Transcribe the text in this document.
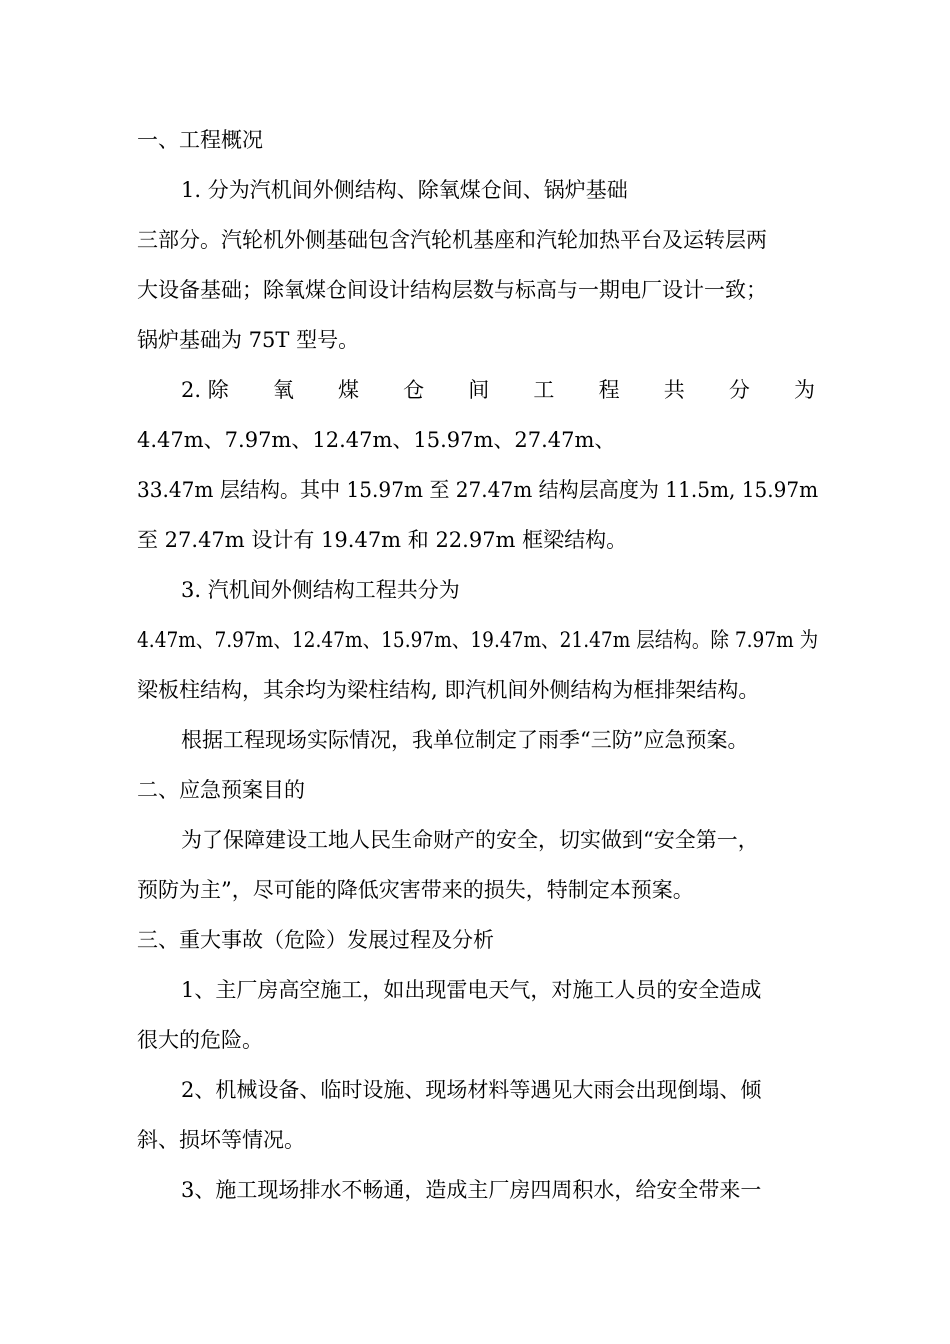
一、工程概况
1. 分为汽机间外侧结构、除氧煤仓间、锅炉基础
三部分。汽轮机外侧基础包含汽轮机基座和汽轮加热平台及运转层两
大设备基础；除氧煤仓间设计结构层数与标高与一期电厂设计一致；
锅炉基础为 75T 型号。
2. 除 氧 煤 仓 间 工 程 共 分 为
4.47m、7.97m、12.47m、15.97m、27.47m、
33.47m 层结构。其中 15.97m 至 27.47m 结构层高度为 11.5m, 15.97m
至 27.47m 设计有 19.47m 和 22.97m 框梁结构。
3. 汽机间外侧结构工程共分为
4.47m、7.97m、12.47m、15.97m、19.47m、21.47m 层结构。除 7.97m 为
梁板柱结构，其余均为梁柱结构, 即汽机间外侧结构为框排架结构。
根据工程现场实际情况，我单位制定了雨季“三防”应急预案。
二、应急预案目的
为了保障建设工地人民生命财产的安全，切实做到“安全第一，
预防为主”，尽可能的降低灾害带来的损失，特制定本预案。
三、重大事故（危险）发展过程及分析
1、主厂房高空施工，如出现雷电天气，对施工人员的安全造成
很大的危险。
2、机械设备、临时设施、现场材料等遇见大雨会出现倒塌、倾
斜、损坏等情况。
3、施工现场排水不畅通，造成主厂房四周积水，给安全带来一
